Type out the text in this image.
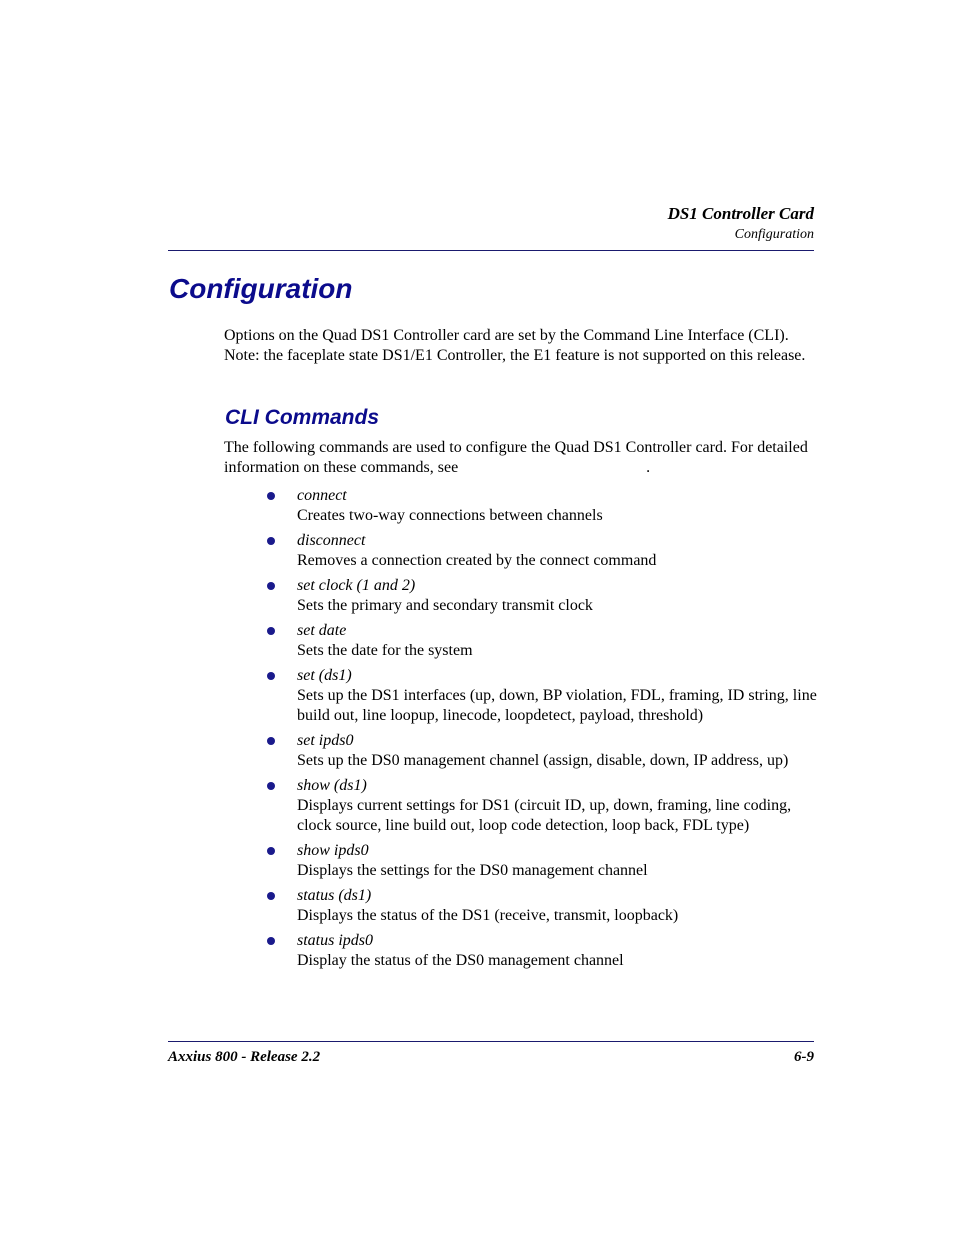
DS1 Controller Card
Configuration
Configuration

Options on the Quad DS1 Controller card are set by the Command Line Interface (CLI). Note: the faceplate state DS1/E1 Controller, the E1 feature is not supported on this release.

CLI Commands

The following commands are used to configure the Quad DS1 Controller card. For detailed information on these commands, see	.

connect
Creates two-way connections between channels
disconnect
Removes a connection created by the connect command
set clock (1 and 2)
Sets the primary and secondary transmit clock
set date
Sets the date for the system
set (ds1)
Sets up the DS1 interfaces (up, down, BP violation, FDL, framing, ID string, line build out, line loopup, linecode, loopdetect, payload, threshold)
set ipds0
Sets up the DS0 management channel (assign, disable, down, IP address, up)
show (ds1)
Displays current settings for DS1 (circuit ID, up, down, framing, line coding, clock source, line build out, loop code detection, loop back, FDL type)
show ipds0
Displays the settings for the DS0 management channel
status (ds1)
Displays the status of the DS1 (receive, transmit, loopback)
status ipds0
Display the status of the DS0 management channel
Axxius 800 - Release 2.2	6-9
